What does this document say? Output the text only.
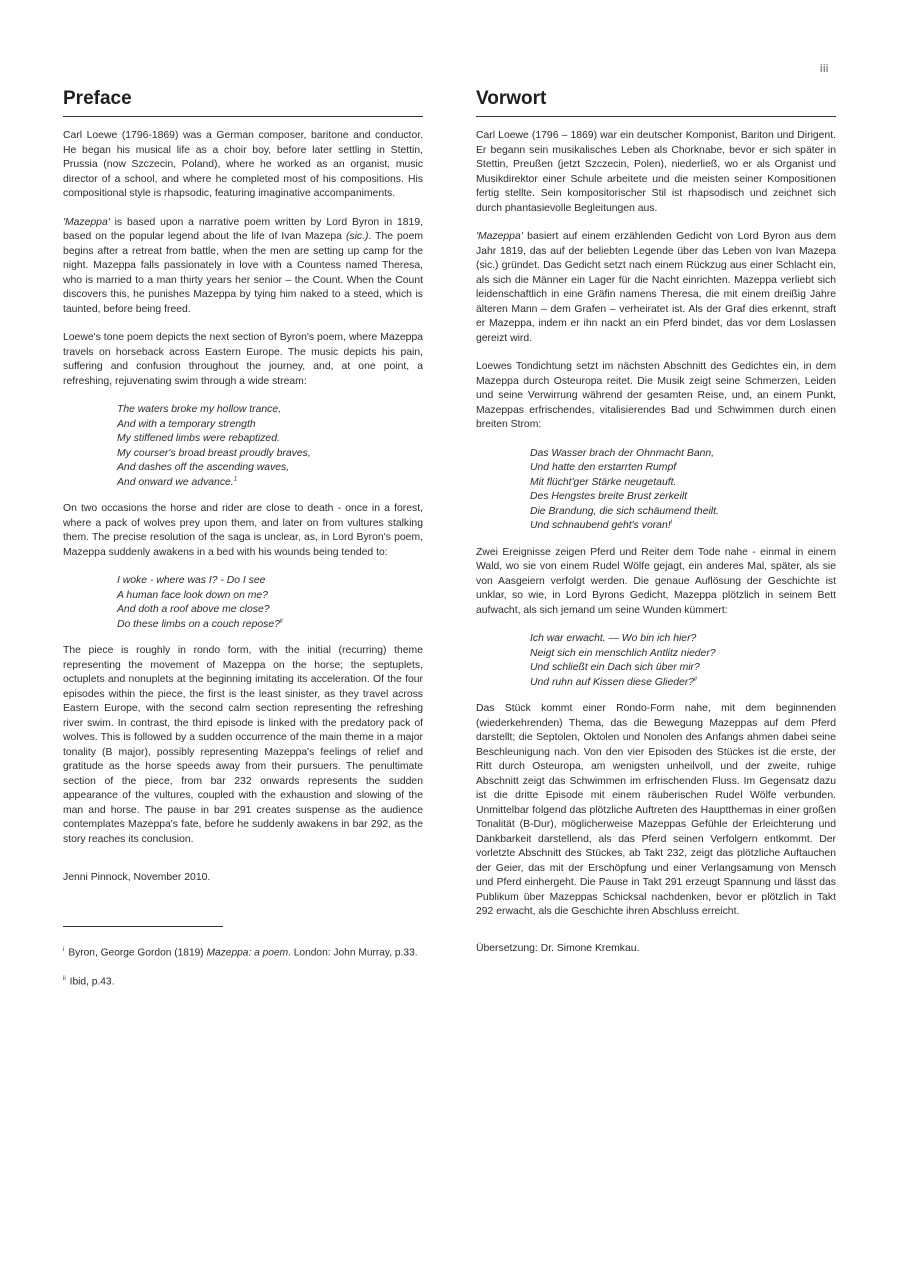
iii
Preface

Carl Loewe (1796-1869) was a German composer, baritone and conductor. He began his musical life as a choir boy, before later settling in Stettin, Prussia (now Szczecin, Poland), where he worked as an organist, music director of a school, and where he completed most of his compositions. His compositional style is rhapsodic, featuring imaginative accompaniments.

'Mazeppa' is based upon a narrative poem written by Lord Byron in 1819, based on the popular legend about the life of Ivan Mazepa (sic.). The poem begins after a retreat from battle, when the men are setting up camp for the night. Mazeppa falls passionately in love with a Countess named Theresa, who is married to a man thirty years her senior – the Count. When the Count discovers this, he punishes Mazeppa by tying him naked to a steed, which is taunted, before being freed.

Loewe's tone poem depicts the next section of Byron's poem, where Mazeppa travels on horseback across Eastern Europe. The music depicts his pain, suffering and confusion throughout the journey, and, at one point, a refreshing, rejuvenating swim through a wide stream:

The waters broke my hollow trance,
And with a temporary strength
My stiffened limbs were rebaptized.
My courser's broad breast proudly braves,
And dashes off the ascending waves,
And onward we advance.$^1$

On two occasions the horse and rider are close to death - once in a forest, where a pack of wolves prey upon them, and later on from vultures stalking them. The precise resolution of the saga is unclear, as, in Lord Byron's poem, Mazeppa suddenly awakens in a bed with his wounds being tended to:

I woke - where was I? - Do I see
A human face look down on me?
And doth a roof above me close?
Do these limbs on a couch repose?$^{ii}$

The piece is roughly in rondo form, with the initial (recurring) theme representing the movement of Mazeppa on the horse; the septuplets, octuplets and nonuplets at the beginning imitating its acceleration. Of the four episodes within the piece, the first is the least sinister, as they travel across Eastern Europe, with the second calm section representing the refreshing river swim. In contrast, the third episode is linked with the predatory pack of wolves. This is followed by a sudden occurrence of the main theme in a major tonality (B major), possibly representing Mazeppa's feelings of relief and gratitude as the horse speeds away from their pursuers. The penultimate section of the piece, from bar 232 onwards represents the sudden appearance of the vultures, coupled with the exhaustion and slowing of the man and horse. The pause in bar 291 creates suspense as the audience contemplates Mazeppa's fate, before he suddenly awakens in bar 292, as the story reaches its conclusion.

Jenni Pinnock, November 2010.

$^i$ Byron, George Gordon (1819) Mazeppa: a poem. London: John Murray, p.33.

$^{ii}$ Ibid, p.43.

Vorwort

Carl Loewe (1796 – 1869) war ein deutscher Komponist, Bariton und Dirigent. Er begann sein musikalisches Leben als Chorknabe, bevor er sich später in Stettin, Preußen (jetzt Szczecin, Polen), niederließ, wo er als Organist und Musikdirektor einer Schule arbeitete und die meisten seiner Kompositionen fertig stellte. Sein kompositorischer Stil ist rhapsodisch und zeichnet sich durch phantasievolle Begleitungen aus.

'Mazeppa' basiert auf einem erzählenden Gedicht von Lord Byron aus dem Jahr 1819, das auf der beliebten Legende über das Leben von Ivan Mazepa (sic.) gründet. Das Gedicht setzt nach einem Rückzug aus einer Schlacht ein, als sich die Männer ein Lager für die Nacht einrichten. Mazeppa verliebt sich leidenschaftlich in eine Gräfin namens Theresa, die mit einem dreißig Jahre älteren Mann – dem Grafen – verheiratet ist. Als der Graf dies erkennt, straft er Mazeppa, indem er ihn nackt an ein Pferd bindet, das vor dem Loslassen gereizt wird.

Loewes Tondichtung setzt im nächsten Abschnitt des Gedichtes ein, in dem Mazeppa durch Osteuropa reitet. Die Musik zeigt seine Schmerzen, Leiden und seine Verwirrung während der gesamten Reise, und, an einem Punkt, Mazeppas erfrischendes, vitalisierendes Bad und Schwimmen durch einen breiten Strom:

Das Wasser brach der Ohnmacht Bann,
Und hatte den erstarrten Rumpf
Mit flücht'ger Stärke neugetauft.
Des Hengstes breite Brust zerkeilt
Die Brandung, die sich schäumend theilt.
Und schnaubend geht's voran!$^i$

Zwei Ereignisse zeigen Pferd und Reiter dem Tode nahe - einmal in einem Wald, wo sie von einem Rudel Wölfe gejagt, ein anderes Mal, später, als sie von Aasgeiern verfolgt werden. Die genaue Auflösung der Geschichte ist unklar, so wie, in Lord Byrons Gedicht, Mazeppa plötzlich in seinem Bett aufwacht, als sich jemand um seine Wunden kümmert:

Ich war erwacht. — Wo bin ich hier?
Neigt sich ein menschlich Antlitz nieder?
Und schließt ein Dach sich über mir?
Und ruhn auf Kissen diese Glieder?$^{ii}$

Das Stück kommt einer Rondo-Form nahe, mit dem beginnenden (wiederkehrenden) Thema, das die Bewegung Mazeppas auf dem Pferd darstellt; die Septolen, Oktolen und Nonolen des Anfangs ahmen dabei seine Beschleunigung nach. Von den vier Episoden des Stückes ist die erste, der Ritt durch Osteuropa, am wenigsten unheilvoll, und der zweite, ruhige Abschnitt zeigt das Schwimmen im erfrischenden Fluss. Im Gegensatz dazu ist die dritte Episode mit einem räuberischen Rudel Wölfe verbunden. Unmittelbar folgend das plötzliche Auftreten des Hauptthemas in einer großen Tonalität (B-Dur), möglicherweise Mazeppas Gefühle der Erleichterung und Dankbarkeit darstellend, als das Pferd seinen Verfolgern entkommt. Der vorletzte Abschnitt des Stückes, ab Takt 232, zeigt das plötzliche Auftauchen der Geier, das mit der Erschöpfung und einer Verlangsamung von Mensch und Pferd einhergeht. Die Pause in Takt 291 erzeugt Spannung und lässt das Publikum über Mazeppas Schicksal nachdenken, bevor er plötzlich in Takt 292 erwacht, als die Geschichte ihren Abschluss erreicht.

Übersetzung: Dr. Simone Kremkau.
